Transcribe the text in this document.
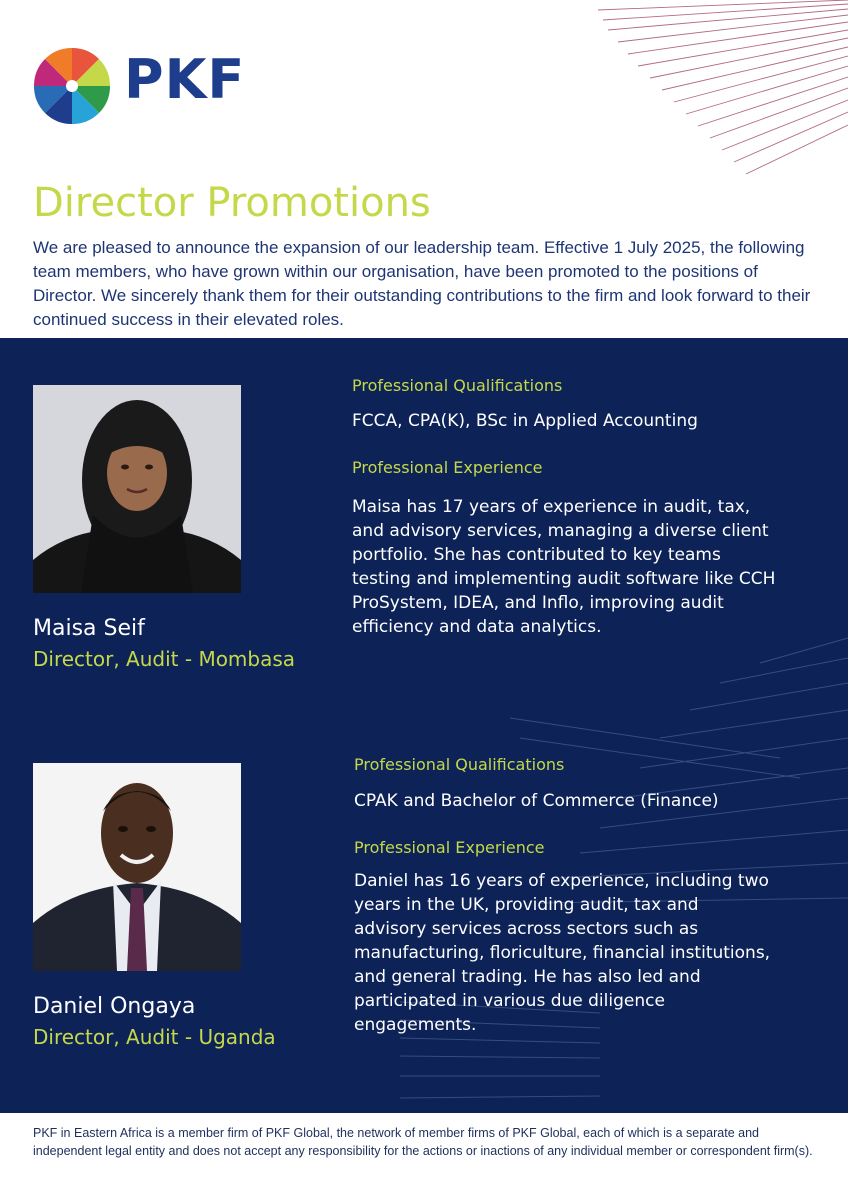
PKF
Director Promotions
We are pleased to announce the expansion of our leadership team. Effective 1 July 2025, the following team members, who have grown within our organisation, have been promoted to the positions of Director. We sincerely thank them for their outstanding contributions to the firm and look forward to their continued success in their elevated roles.
Maisa Seif
Director, Audit - Mombasa
Professional Qualifications
FCCA, CPA(K), BSc in Applied Accounting
Professional Experience
Maisa has 17 years of experience in audit, tax, and advisory services, managing a diverse client portfolio. She has contributed to key teams testing and implementing audit software like CCH ProSystem, IDEA, and Inflo, improving audit efficiency and data analytics.
Daniel Ongaya
Director, Audit - Uganda
Professional Qualifications
CPAK and Bachelor of Commerce (Finance)
Professional Experience
Daniel has 16 years of experience, including two years in the UK, providing audit, tax and advisory services across sectors such as manufacturing, floriculture, financial institutions, and general trading. He has also led and participated in various due diligence engagements.
PKF in Eastern Africa is a member firm of PKF Global, the network of member firms of PKF Global, each of which is a separate and independent legal entity and does not accept any responsibility for the actions or inactions of any individual member or correspondent firm(s).
